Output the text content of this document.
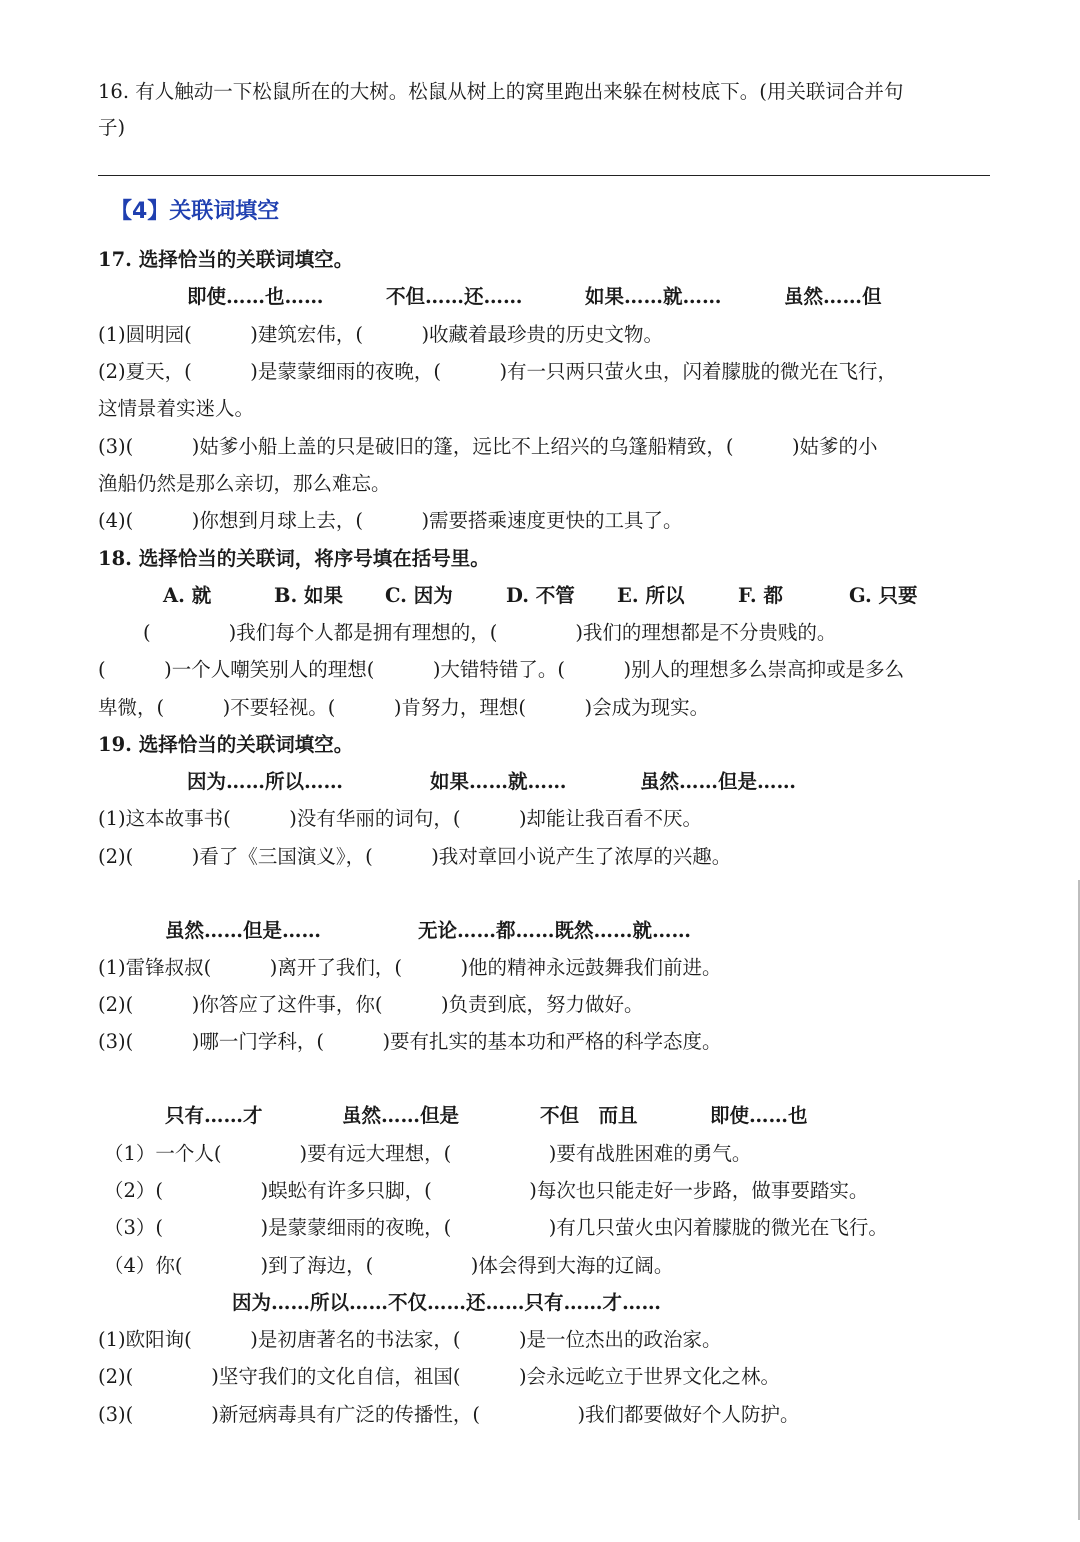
16. 有人触动一下松鼠所在的大树。松鼠从树上的窝里跑出来躲在树枝底下。(用关联词合并句
子)
【4】关联词填空
17. 选择恰当的关联词填空。
即使……也……	不但……还……	如果……就……	虽然……但
(1)圆明园(　　　)建筑宏伟，(　　　)收藏着最珍贵的历史文物。
(2)夏天，(　　　)是蒙蒙细雨的夜晚，(　　　)有一只两只萤火虫，闪着朦胧的微光在飞行，
这情景着实迷人。
(3)(　　　)姑爹小船上盖的只是破旧的篷，远比不上绍兴的乌篷船精致，(　　　)姑爹的小
渔船仍然是那么亲切，那么难忘。
(4)(　　　)你想到月球上去，(　　　)需要搭乘速度更快的工具了。
18. 选择恰当的关联词，将序号填在括号里。
A. 就	B. 如果 C. 因为	D. 不管 E. 所以	F. 都	G. 只要
(　　　　)我们每个人都是拥有理想的，(　　　　)我们的理想都是不分贵贱的。
(　　　)一个人嘲笑别人的理想(　　　)大错特错了。(　　　)别人的理想多么崇高抑或是多么
卑微，(　　　)不要轻视。(　　　)肯努力，理想(　　　)会成为现实。
19. 选择恰当的关联词填空。
因为……所以……	如果……就……	虽然……但是……
(1)这本故事书(　　　)没有华丽的词句，(　　　)却能让我百看不厌。
(2)(　　　)看了《三国演义》，(　　　)我对章回小说产生了浓厚的兴趣。
虽然……但是……	无论……都……既然……就……
(1)雷锋叔叔(　　　)离开了我们，(　　　)他的精神永远鼓舞我们前进。
(2)(　　　)你答应了这件事，你(　　　)负责到底，努力做好。
(3)(　　　)哪一门学科，(　　　)要有扎实的基本功和严格的科学态度。
只有……才	虽然……但是	不但　而且	即使……也
（1）一个人(　　　　)要有远大理想，(　　　　　)要有战胜困难的勇气。
（2）(　　　　　)蜈蚣有许多只脚，(　　　　　)每次也只能走好一步路，做事要踏实。
（3）(　　　　　)是蒙蒙细雨的夜晚，(　　　　　)有几只萤火虫闪着朦胧的微光在飞行。
（4）你(　　　　)到了海边，(　　　　　)体会得到大海的辽阔。
因为……所以……不仅……还……只有……才……
(1)欧阳询(　　　)是初唐著名的书法家，(　　　)是一位杰出的政治家。
(2)(　　　　)坚守我们的文化自信，祖国(　　　)会永远屹立于世界文化之林。
(3)(　　　　)新冠病毒具有广泛的传播性，(　　　　　)我们都要做好个人防护。
